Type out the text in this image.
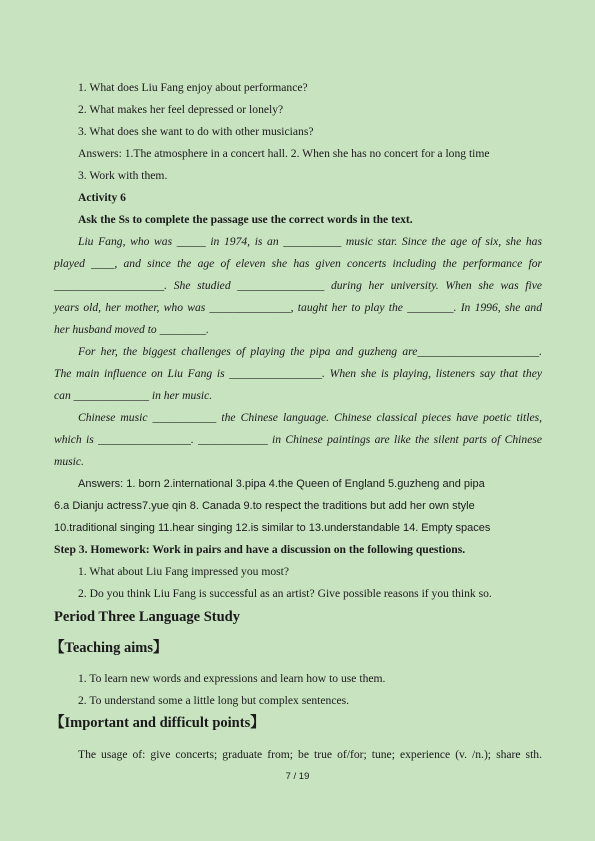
1. What does Liu Fang enjoy about performance?
2. What makes her feel depressed or lonely?
3. What does she want to do with other musicians?
Answers: 1.The atmosphere in a concert hall. 2. When she has no concert for a long time
3. Work with them.
Activity 6
Ask the Ss to complete the passage use the correct words in the text.
Liu Fang, who was _____ in 1974, is an __________ music star. Since the age of six, she has
played ____, and since the age of eleven she has given concerts including the performance for
___________________. She studied _______________ during her university. When she was five
years old, her mother, who was ______________, taught her to play the ________. In 1996, she and
her husband moved to ________.
For her, the biggest challenges of playing the pipa and guzheng are_____________________.
The main influence on Liu Fang is ________________. When she is playing, listeners say that they
can _____________ in her music.
Chinese music ___________ the Chinese language. Chinese classical pieces have poetic titles,
which is ________________. ____________ in Chinese paintings are like the silent parts of Chinese
music.
Answers: 1. born 2.international 3.pipa 4.the Queen of England 5.guzheng and pipa
6.a Dianju actress7.yue qin 8. Canada 9.to respect the traditions but add her own style
10.traditional singing 11.hear singing 12.is similar to 13.understandable 14. Empty spaces
Step 3. Homework: Work in pairs and have a discussion on the following questions.
1. What about Liu Fang impressed you most?
2. Do you think Liu Fang is successful as an artist? Give possible reasons if you think so.
Period Three Language Study
【Teaching aims】
1. To learn new words and expressions and learn how to use them.
2. To understand some a little long but complex sentences.
【Important and difficult points】
The usage of: give concerts; graduate from; be true of/for; tune; experience (v. /n.); share sth.
7 / 19
